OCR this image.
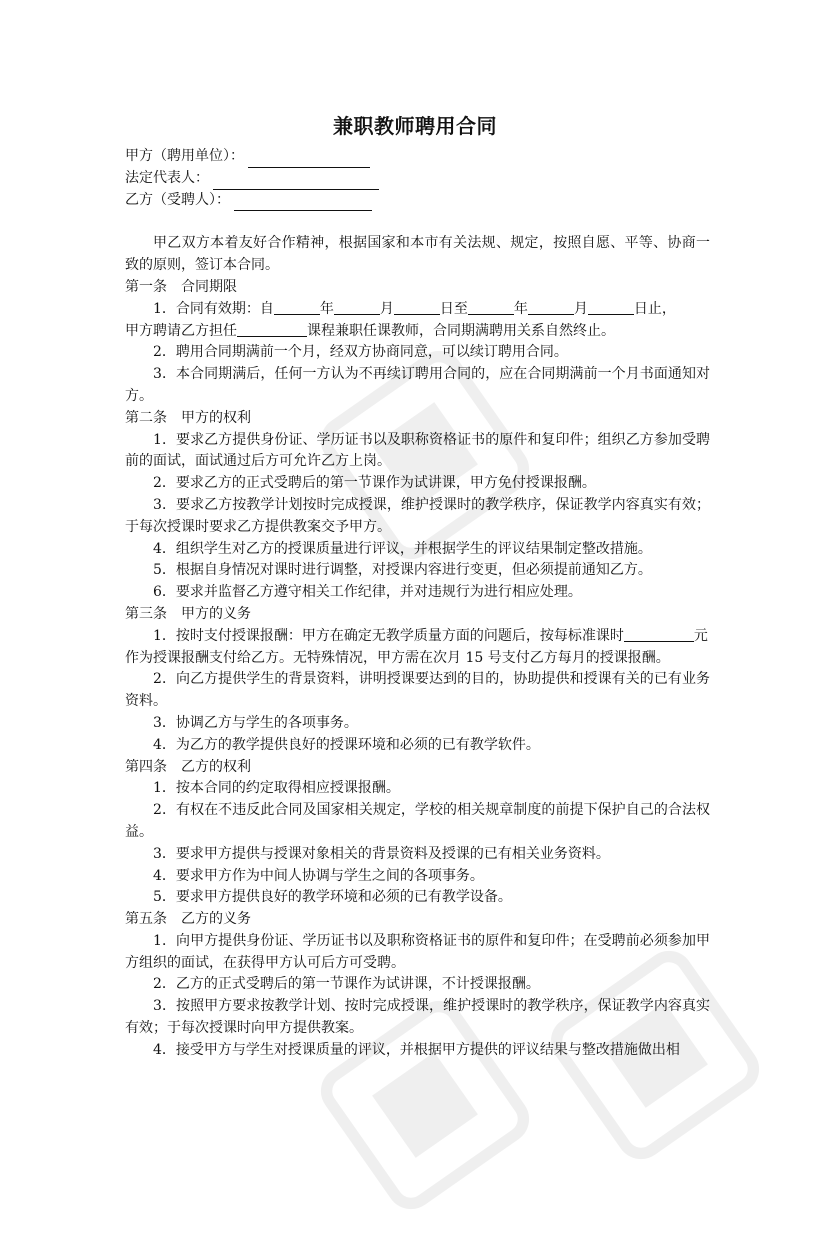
兼职教师聘用合同
甲方（聘用单位）：
法定代表人：
乙方（受聘人）：
甲乙双方本着友好合作精神，根据国家和本市有关法规、规定，按照自愿、平等、协商一致的原则，签订本合同。
第一条 合同期限
1．合同有效期：自	年	月	日至	年	月	日止，
甲方聘请乙方担任	课程兼职任课教师，合同期满聘用关系自然终止。
2．聘用合同期满前一个月，经双方协商同意，可以续订聘用合同。
3．本合同期满后，任何一方认为不再续订聘用合同的，应在合同期满前一个月书面通知对方。
第二条 甲方的权利
1．要求乙方提供身份证、学历证书以及职称资格证书的原件和复印件；组织乙方参加受聘前的面试，面试通过后方可允许乙方上岗。
2．要求乙方的正式受聘后的第一节课作为试讲课，甲方免付授课报酬。
3．要求乙方按教学计划按时完成授课，维护授课时的教学秩序，保证教学内容真实有效；于每次授课时要求乙方提供教案交予甲方。
4．组织学生对乙方的授课质量进行评议，并根据学生的评议结果制定整改措施。
5．根据自身情况对课时进行调整，对授课内容进行变更，但必须提前通知乙方。
6．要求并监督乙方遵守相关工作纪律，并对违规行为进行相应处理。
第三条 甲方的义务
1．按时支付授课报酬：甲方在确定无教学质量方面的问题后，按每标准课时	元
作为授课报酬支付给乙方。无特殊情况，甲方需在次月 15 号支付乙方每月的授课报酬。
2．向乙方提供学生的背景资料，讲明授课要达到的目的，协助提供和授课有关的已有业务资料。
3．协调乙方与学生的各项事务。
4．为乙方的教学提供良好的授课环境和必须的已有教学软件。
第四条 乙方的权利
1．按本合同的约定取得相应授课报酬。
2．有权在不违反此合同及国家相关规定，学校的相关规章制度的前提下保护自己的合法权益。
3．要求甲方提供与授课对象相关的背景资料及授课的已有相关业务资料。
4．要求甲方作为中间人协调与学生之间的各项事务。
5．要求甲方提供良好的教学环境和必须的已有教学设备。
第五条 乙方的义务
1．向甲方提供身份证、学历证书以及职称资格证书的原件和复印件；在受聘前必须参加甲方组织的面试，在获得甲方认可后方可受聘。
2．乙方的正式受聘后的第一节课作为试讲课，不计授课报酬。
3．按照甲方要求按教学计划、按时完成授课，维护授课时的教学秩序，保证教学内容真实有效；于每次授课时向甲方提供教案。
4．接受甲方与学生对授课质量的评议，并根据甲方提供的评议结果与整改措施做出相
